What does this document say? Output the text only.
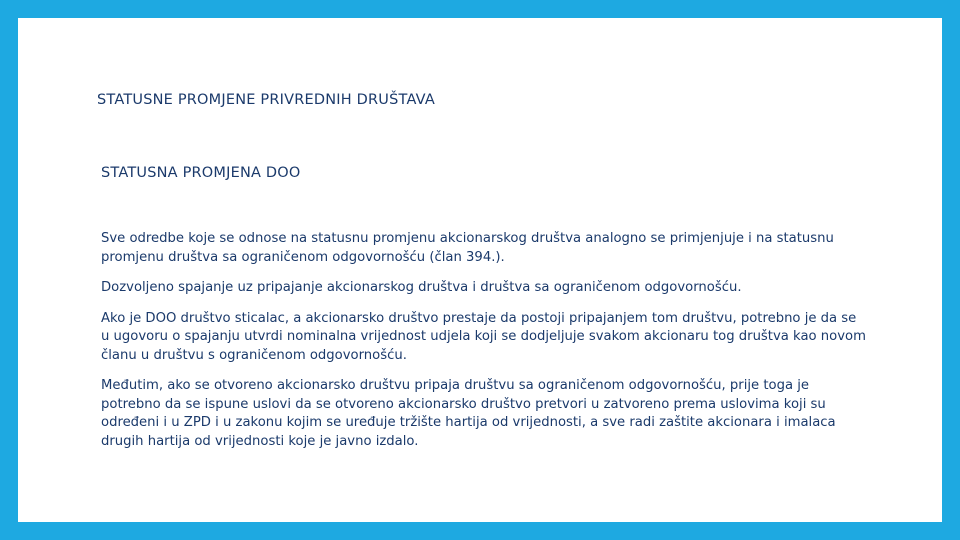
STATUSNE PROMJENE PRIVREDNIH DRUŠTAVA
STATUSNA PROMJENA DOO

Sve odredbe koje se odnose na statusnu promjenu akcionarskog društva analogno se primjenjuje i na statusnu promjenu društva sa ograničenom odgovornošću (član 394.).

Dozvoljeno spajanje uz pripajanje akcionarskog društva i društva sa ograničenom odgovornošću.

Ako je DOO društvo sticalac, a akcionarsko društvo prestaje da postoji pripajanjem tom društvu, potrebno je da se u ugovoru o spajanju utvrdi nominalna vrijednost udjela koji se dodjeljuje svakom akcionaru tog društva kao novom članu u društvu s ograničenom odgovornošću.

Međutim, ako se otvoreno akcionarsko društvu pripaja društvu sa ograničenom odgovornošću, prije toga je potrebno da se ispune uslovi da se otvoreno akcionarsko društvo pretvori u zatvoreno prema uslovima koji su određeni i u ZPD i u zakonu kojim se uređuje tržište hartija od vrijednosti, a sve radi zaštite akcionara i imalaca drugih hartija od vrijednosti koje je javno izdalo.
